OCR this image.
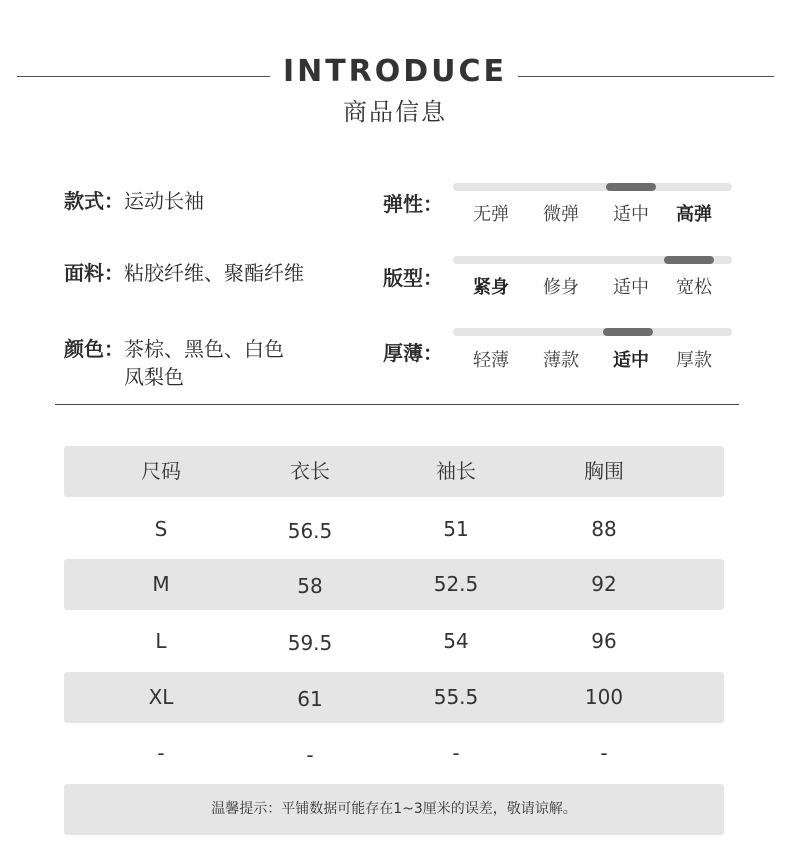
INTRODUCE
商品信息
款式：运动长袖
面料：粘胶纤维、聚酯纤维
颜色：茶棕、黑色、白色
凤梨色
弹性：	无弹	微弹	适中	高弹
版型：	紧身	修身	适中	宽松
厚薄：	轻薄	薄款	适中	厚款
尺码	衣长	袖长	胸围
S	56.5	51	88
M	58	52.5	92
L	59.5	54	96
XL	61	55.5	100
-	-	-	-
温馨提示：平铺数据可能存在1~3厘米的误差，敬请谅解。
